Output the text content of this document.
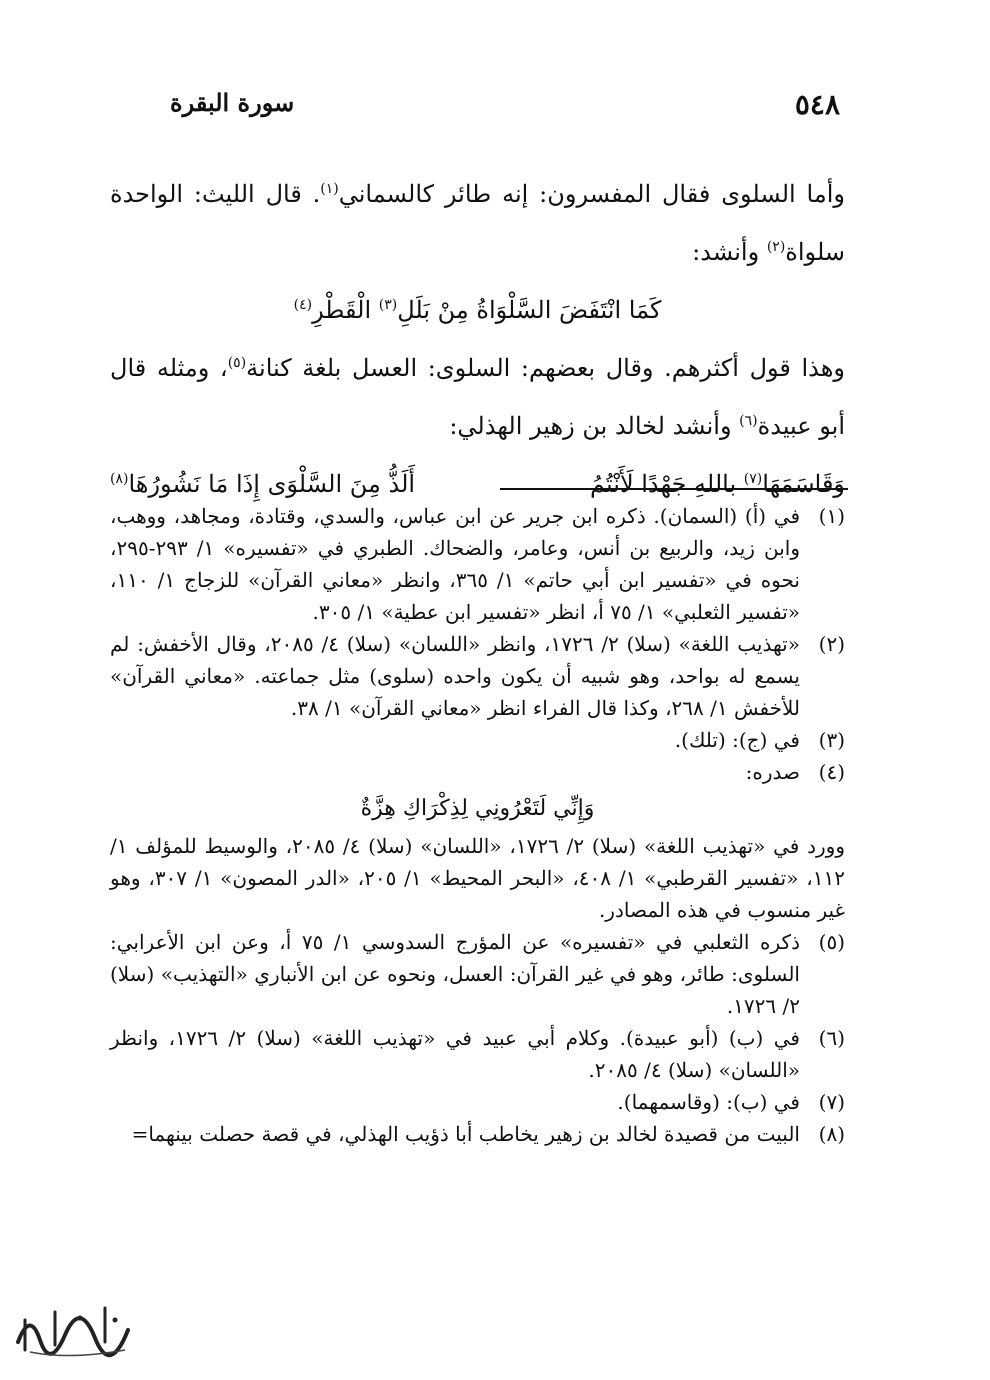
٥٤٨
سورة البقرة

وأما السلوى فقال المفسرون: إنه طائر كالسماني$^{(١)}$. قال الليث: الواحدة سلواة$^{(٢)}$ وأنشد:

كَمَا انْتَفَضَ السَّلْوَاةُ مِنْ بَلَلِ$^{(٣)}$ الْقَطْرِ$^{(٤)}$

وهذا قول أكثرهم. وقال بعضهم: السلوى: العسل بلغة كنانة$^{(٥)}$، ومثله قال أبو عبيدة$^{(٦)}$ وأنشد لخالد بن زهير الهذلي:

وَقَاسَمَهَا$^{(٧)}$ باللهِ جَهْدًا لَأَنْتُمُ
أَلَذُّ مِنَ السَّلْوَى إِذَا مَا نَشُورُهَا$^{(٨)}$
(١)
في (أ) (السمان). ذكره ابن جرير عن ابن عباس، والسدي، وقتادة، ومجاهد، ووهب، وابن زيد، والربيع بن أنس، وعامر، والضحاك. الطبري في «تفسيره» ١/ ٢٩٣-٢٩٥، نحوه في «تفسير ابن أبي حاتم» ١/ ٣٦٥، وانظر «معاني القرآن» للزجاج ١/ ١١٠، «تفسير الثعلبي» ١/ ٧٥ أ، انظر «تفسير ابن عطية» ١/ ٣٠٥.
(٢)
«تهذيب اللغة» (سلا) ٢/ ١٧٢٦، وانظر «اللسان» (سلا) ٤/ ٢٠٨٥، وقال الأخفش: لم يسمع له بواحد، وهو شبيه أن يكون واحده (سلوى) مثل جماعته. «معاني القرآن» للأخفش ١/ ٢٦٨، وكذا قال الفراء انظر «معاني القرآن» ١/ ٣٨.
(٣)
في (ج): (تلك).
(٤)
صدره:

وَإِنِّي لَتَعْرُونِي لِذِكْرَاكِ هِزَّةٌ

وورد في «تهذيب اللغة» (سلا) ٢/ ١٧٢٦، «اللسان» (سلا) ٤/ ٢٠٨٥، والوسيط للمؤلف ١/ ١١٢، «تفسير القرطبي» ١/ ٤٠٨، «البحر المحيط» ١/ ٢٠٥، «الدر المصون» ١/ ٣٠٧، وهو غير منسوب في هذه المصادر.

(٥)
ذكره الثعلبي في «تفسيره» عن المؤرج السدوسي ١/ ٧٥ أ، وعن ابن الأعرابي: السلوى: طائر، وهو في غير القرآن: العسل، ونحوه عن ابن الأنباري «التهذيب» (سلا) ٢/ ١٧٢٦.
(٦)
في (ب) (أبو عبيدة). وكلام أبي عبيد في «تهذيب اللغة» (سلا) ٢/ ١٧٢٦، وانظر «اللسان» (سلا) ٤/ ٢٠٨٥.
(٧)
في (ب): (وقاسمهما).
(٨)
البيت من قصيدة لخالد بن زهير يخاطب أبا ذؤيب الهذلي، في قصة حصلت بينهما=
